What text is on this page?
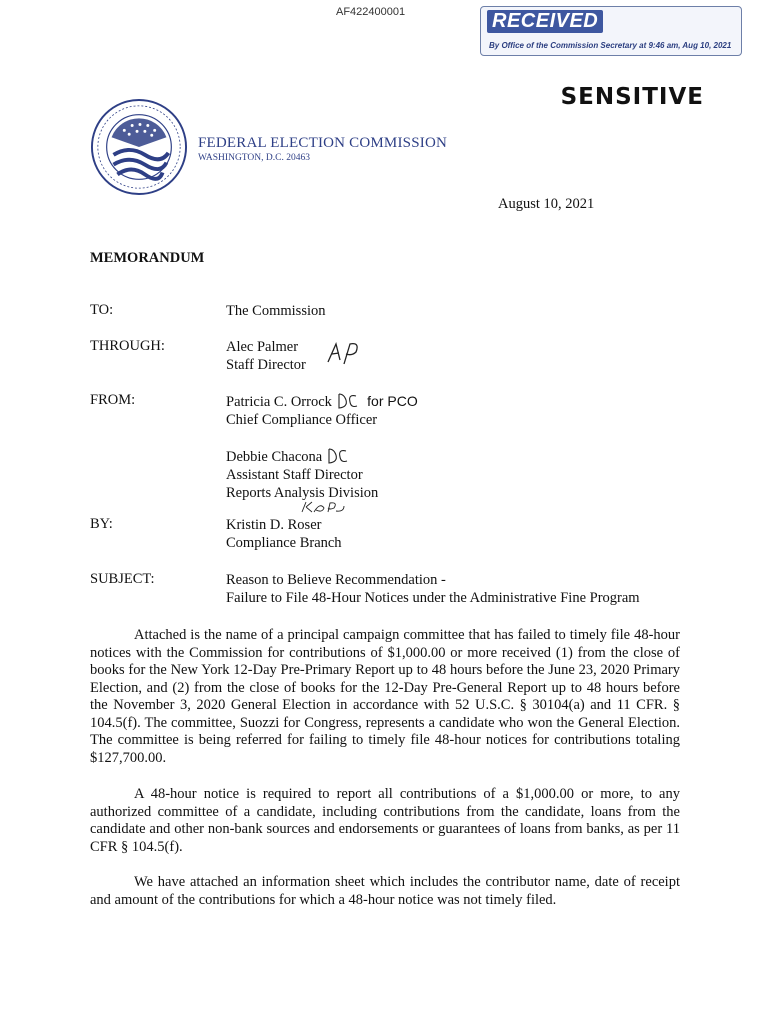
AF422400001	RECEIVED
By Office of the Commission Secretary at 9:46 am, Aug 10, 2021
SENSITIVE
FEDERAL ELECTION COMMISSION
WASHINGTON, D.C. 20463
August 10, 2021
MEMORANDUM
TO:	The Commission
THROUGH:	Alec Palmer
Staff Director
FROM:	Patricia C. Orrock	for PCO
Chief Compliance Officer
Debbie Chacona
Assistant Staff Director
Reports Analysis Division
BY:	Kristin D. Roser
Compliance Branch
SUBJECT:	Reason to Believe Recommendation -
Failure to File 48-Hour Notices under the Administrative Fine Program
Attached is the name of a principal campaign committee that has failed to timely file 48-hour notices with the Commission for contributions of $1,000.00 or more received (1) from the close of books for the New York 12-Day Pre-Primary Report up to 48 hours before the June 23, 2020 Primary Election, and (2) from the close of books for the 12-Day Pre-General Report up to 48 hours before the November 3, 2020 General Election in accordance with 52 U.S.C. § 30104(a) and 11 CFR. § 104.5(f). The committee, Suozzi for Congress, represents a candidate who won the General Election. The committee is being referred for failing to timely file 48-hour notices for contributions totaling $127,700.00.
A 48-hour notice is required to report all contributions of a $1,000.00 or more, to any authorized committee of a candidate, including contributions from the candidate, loans from the candidate and other non-bank sources and endorsements or guarantees of loans from banks, as per 11 CFR § 104.5(f).
We have attached an information sheet which includes the contributor name, date of receipt and amount of the contributions for which a 48-hour notice was not timely filed.
